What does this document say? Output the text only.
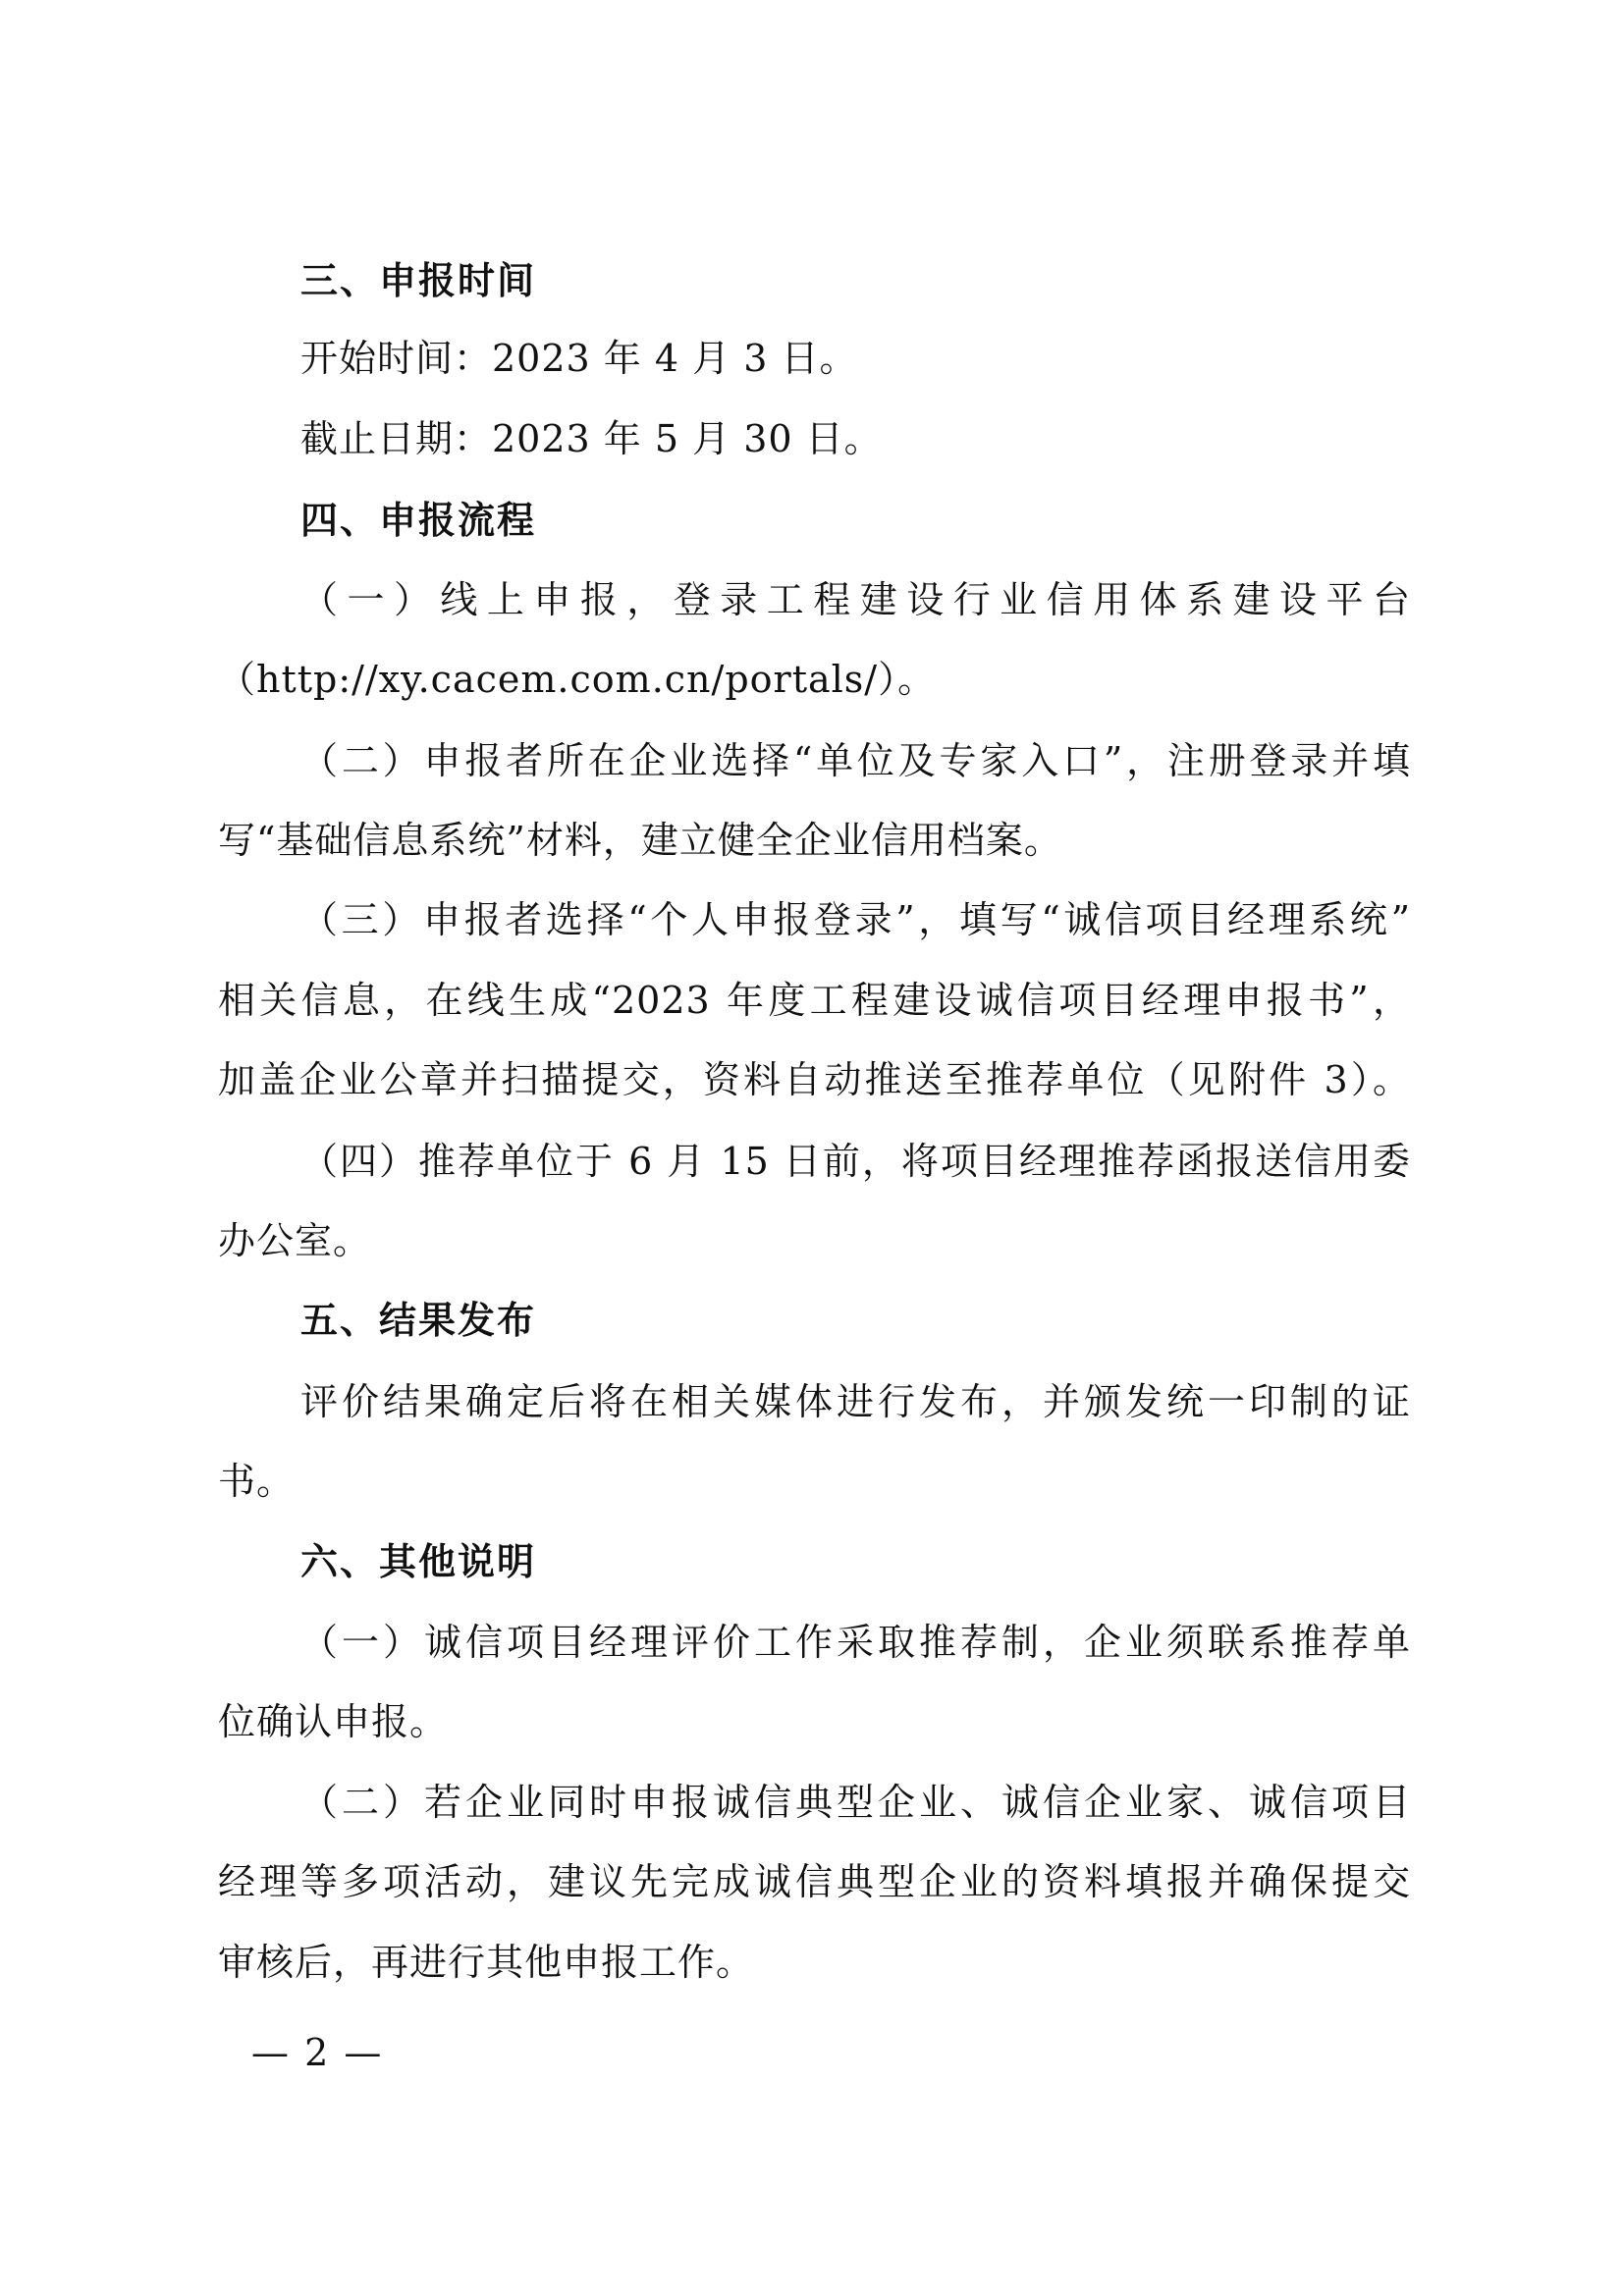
三、申报时间
开始时间：2023 年 4 月 3 日。
截止日期：2023 年 5 月 30 日。
四、申报流程
（一）线上申报，登录工程建设行业信用体系建设平台
（http://xy.cacem.com.cn/portals/）。
（二）申报者所在企业选择“单位及专家入口”，注册登录并填
写“基础信息系统”材料，建立健全企业信用档案。
（三）申报者选择“个人申报登录”，填写“诚信项目经理系统”
相关信息，在线生成“2023 年度工程建设诚信项目经理申报书”，
加盖企业公章并扫描提交，资料自动推送至推荐单位（见附件 3）。
（四）推荐单位于 6 月 15 日前，将项目经理推荐函报送信用委
办公室。
五、结果发布
评价结果确定后将在相关媒体进行发布，并颁发统一印制的证
书。
六、其他说明
（一）诚信项目经理评价工作采取推荐制，企业须联系推荐单
位确认申报。
（二）若企业同时申报诚信典型企业、诚信企业家、诚信项目
经理等多项活动，建议先完成诚信典型企业的资料填报并确保提交
审核后，再进行其他申报工作。
— 2 —
